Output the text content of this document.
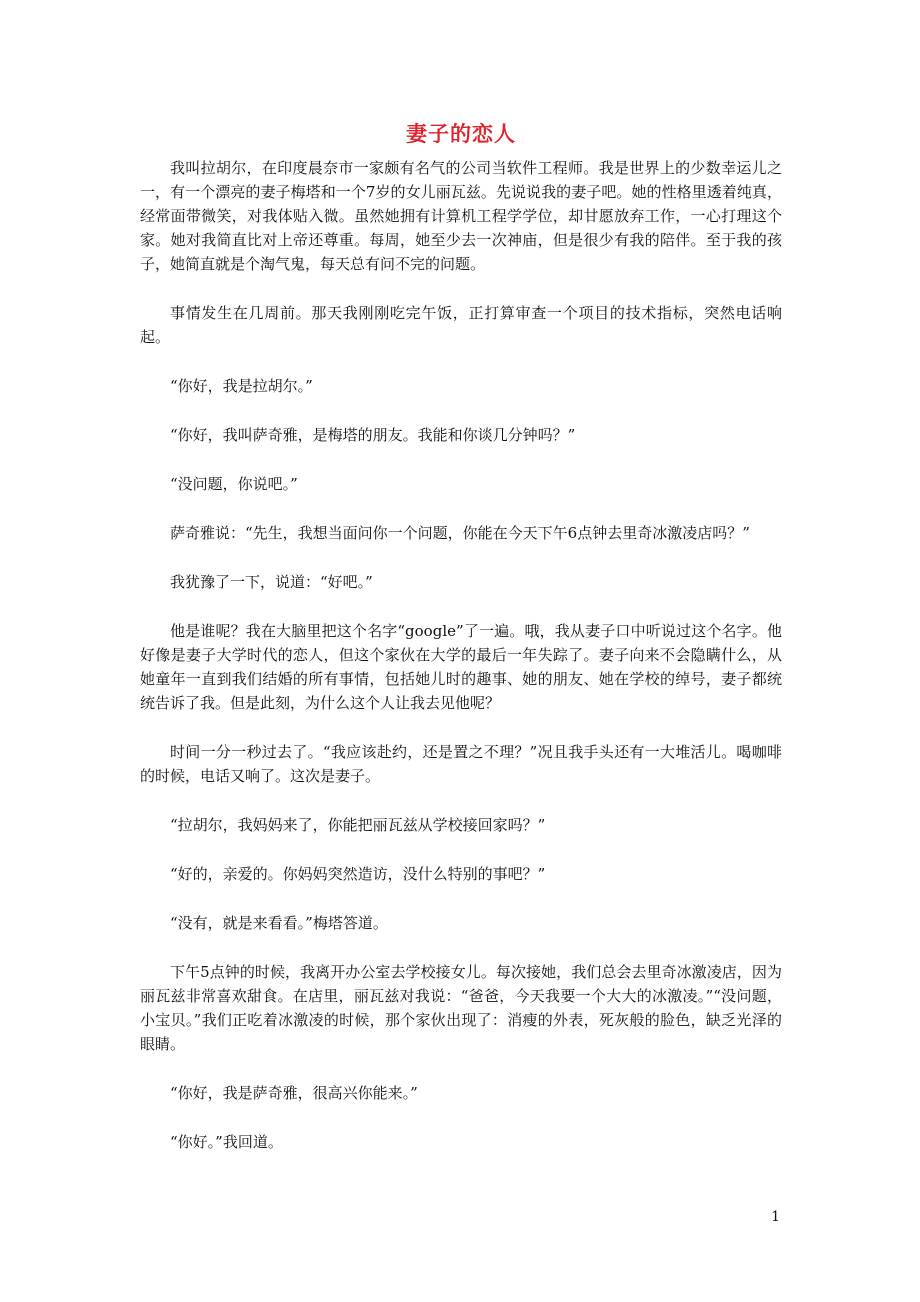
妻子的恋人

我叫拉胡尔，在印度晨奈市一家颇有名气的公司当软件工程师。我是世界上的少数幸运儿之一，有一个漂亮的妻子梅塔和一个7岁的女儿丽瓦兹。先说说我的妻子吧。她的性格里透着纯真，经常面带微笑，对我体贴入微。虽然她拥有计算机工程学学位，却甘愿放弃工作，一心打理这个家。她对我简直比对上帝还尊重。每周，她至少去一次神庙，但是很少有我的陪伴。至于我的孩子，她简直就是个淘气鬼，每天总有问不完的问题。

事情发生在几周前。那天我刚刚吃完午饭，正打算审查一个项目的技术指标，突然电话响起。

“你好，我是拉胡尔。”

“你好，我叫萨奇雅，是梅塔的朋友。我能和你谈几分钟吗？”

“没问题，你说吧。”

萨奇雅说：“先生，我想当面问你一个问题，你能在今天下午6点钟去里奇冰激凌店吗？”

我犹豫了一下，说道：“好吧。”

他是谁呢？我在大脑里把这个名字“google”了一遍。哦，我从妻子口中听说过这个名字。他好像是妻子大学时代的恋人，但这个家伙在大学的最后一年失踪了。妻子向来不会隐瞒什么，从她童年一直到我们结婚的所有事情，包括她儿时的趣事、她的朋友、她在学校的绰号，妻子都统统告诉了我。但是此刻，为什么这个人让我去见他呢？

时间一分一秒过去了。“我应该赴约，还是置之不理？”况且我手头还有一大堆活儿。喝咖啡的时候，电话又响了。这次是妻子。

“拉胡尔，我妈妈来了，你能把丽瓦兹从学校接回家吗？”

“好的，亲爱的。你妈妈突然造访，没什么特别的事吧？”

“没有，就是来看看。”梅塔答道。

下午5点钟的时候，我离开办公室去学校接女儿。每次接她，我们总会去里奇冰激凌店，因为丽瓦兹非常喜欢甜食。在店里，丽瓦兹对我说：“爸爸，今天我要一个大大的冰激凌。”“没问题，小宝贝。”我们正吃着冰激凌的时候，那个家伙出现了：消瘦的外表，死灰般的脸色，缺乏光泽的眼睛。

“你好，我是萨奇雅，很高兴你能来。”

“你好。”我回道。

1
